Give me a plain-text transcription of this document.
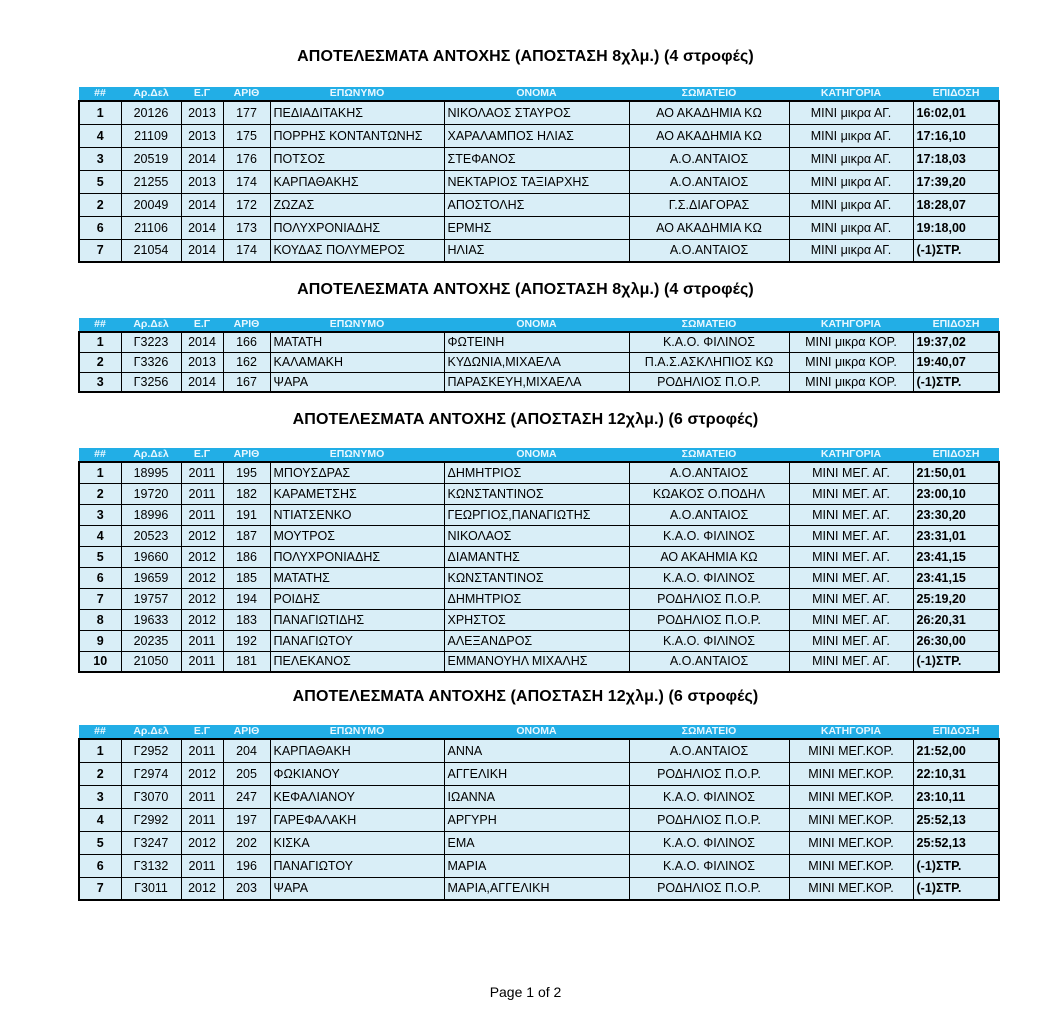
ΑΠΟΤΕΛΕΣΜΑΤΑ ΑΝΤΟΧΗΣ (ΑΠΟΣΤΑΣΗ 8χλμ.) (4 στροφές)
##	Αρ.Δελ	Ε.Γ	ΑΡΙΘ	ΕΠΩΝΥΜΟ	ΟΝΟΜΑ	ΣΩΜΑΤΕΙΟ	ΚΑΤΗΓΟΡΙΑ	ΕΠΙΔΟΣΗ
1	20126	2013	177	ΠΕΔΙΑΔΙΤΑΚΗΣ	ΝΙΚΟΛΑΟΣ ΣΤΑΥΡΟΣ	ΑΟ ΑΚΑΔΗΜΙΑ ΚΩ	ΜΙΝΙ μικρα ΑΓ.	16:02,01
4	21109	2013	175	ΠΟΡΡΗΣ ΚΟΝΤΑΝΤΩΝΗΣ	ΧΑΡΑΛΑΜΠΟΣ ΗΛΙΑΣ	ΑΟ ΑΚΑΔΗΜΙΑ ΚΩ	ΜΙΝΙ μικρα ΑΓ.	17:16,10
3	20519	2014	176	ΠΟΤΣΟΣ	ΣΤΕΦΑΝΟΣ	Α.Ο.ΑΝΤΑΙΟΣ	ΜΙΝΙ μικρα ΑΓ.	17:18,03
5	21255	2013	174	ΚΑΡΠΑΘΑΚΗΣ	ΝΕΚΤΑΡΙΟΣ ΤΑΞΙΑΡΧΗΣ	Α.Ο.ΑΝΤΑΙΟΣ	ΜΙΝΙ μικρα ΑΓ.	17:39,20
2	20049	2014	172	ΖΩΖΑΣ	ΑΠΟΣΤΟΛΗΣ	Γ.Σ.ΔΙΑΓΟΡΑΣ	ΜΙΝΙ μικρα ΑΓ.	18:28,07
6	21106	2014	173	ΠΟΛΥΧΡΟΝΙΑΔΗΣ	ΕΡΜΗΣ	ΑΟ ΑΚΑΔΗΜΙΑ ΚΩ	ΜΙΝΙ μικρα ΑΓ.	19:18,00
7	21054	2014	174	ΚΟΥΔΑΣ ΠΟΛΥΜΕΡΟΣ	ΗΛΙΑΣ	Α.Ο.ΑΝΤΑΙΟΣ	ΜΙΝΙ μικρα ΑΓ.	(-1)ΣΤΡ.
ΑΠΟΤΕΛΕΣΜΑΤΑ ΑΝΤΟΧΗΣ (ΑΠΟΣΤΑΣΗ 8χλμ.) (4 στροφές)
##	Αρ.Δελ	Ε.Γ	ΑΡΙΘ	ΕΠΩΝΥΜΟ	ΟΝΟΜΑ	ΣΩΜΑΤΕΙΟ	ΚΑΤΗΓΟΡΙΑ	ΕΠΙΔΟΣΗ
1	Γ3223	2014	166	ΜΑΤΑΤΗ	ΦΩΤΕΙΝΗ	Κ.Α.Ο. ΦΙΛΙΝΟΣ	ΜΙΝΙ μικρα ΚΟΡ.	19:37,02
2	Γ3326	2013	162	ΚΑΛΑΜΑΚΗ	ΚΥΔΩΝΙΑ,ΜΙΧΑΕΛΑ	Π.Α.Σ.ΑΣΚΛΗΠΙΟΣ ΚΩ	ΜΙΝΙ μικρα ΚΟΡ.	19:40,07
3	Γ3256	2014	167	ΨΑΡΑ	ΠΑΡΑΣΚΕΥΗ,ΜΙΧΑΕΛΑ	ΡΟΔΗΛΙΟΣ Π.Ο.Ρ.	ΜΙΝΙ μικρα ΚΟΡ.	(-1)ΣΤΡ.
ΑΠΟΤΕΛΕΣΜΑΤΑ ΑΝΤΟΧΗΣ (ΑΠΟΣΤΑΣΗ 12χλμ.) (6 στροφές)
##	Αρ.Δελ	Ε.Γ	ΑΡΙΘ	ΕΠΩΝΥΜΟ	ΟΝΟΜΑ	ΣΩΜΑΤΕΙΟ	ΚΑΤΗΓΟΡΙΑ	ΕΠΙΔΟΣΗ
1	18995	2011	195	ΜΠΟΥΣΔΡΑΣ	ΔΗΜΗΤΡΙΟΣ	Α.Ο.ΑΝΤΑΙΟΣ	ΜΙΝΙ ΜΕΓ. ΑΓ.	21:50,01
2	19720	2011	182	ΚΑΡΑΜΕΤΣΗΣ	ΚΩΝΣΤΑΝΤΙΝΟΣ	ΚΩΑΚΟΣ Ο.ΠΟΔΗΛ	ΜΙΝΙ ΜΕΓ. ΑΓ.	23:00,10
3	18996	2011	191	ΝΤΙΑΤΣΕΝΚΟ	ΓΕΩΡΓΙΟΣ,ΠΑΝΑΓΙΩΤΗΣ	Α.Ο.ΑΝΤΑΙΟΣ	ΜΙΝΙ ΜΕΓ. ΑΓ.	23:30,20
4	20523	2012	187	ΜΟΥΤΡΟΣ	ΝΙΚΟΛΑΟΣ	Κ.Α.Ο. ΦΙΛΙΝΟΣ	ΜΙΝΙ ΜΕΓ. ΑΓ.	23:31,01
5	19660	2012	186	ΠΟΛΥΧΡΟΝΙΑΔΗΣ	ΔΙΑΜΑΝΤΗΣ	ΑΟ ΑΚΑΗΜΙΑ ΚΩ	ΜΙΝΙ ΜΕΓ. ΑΓ.	23:41,15
6	19659	2012	185	ΜΑΤΑΤΗΣ	ΚΩΝΣΤΑΝΤΙΝΟΣ	Κ.Α.Ο. ΦΙΛΙΝΟΣ	ΜΙΝΙ ΜΕΓ. ΑΓ.	23:41,15
7	19757	2012	194	ΡΟΙΔΗΣ	ΔΗΜΗΤΡΙΟΣ	ΡΟΔΗΛΙΟΣ Π.Ο.Ρ.	ΜΙΝΙ ΜΕΓ. ΑΓ.	25:19,20
8	19633	2012	183	ΠΑΝΑΓΙΩΤΙΔΗΣ	ΧΡΗΣΤΟΣ	ΡΟΔΗΛΙΟΣ Π.Ο.Ρ.	ΜΙΝΙ ΜΕΓ. ΑΓ.	26:20,31
9	20235	2011	192	ΠΑΝΑΓΙΩΤΟΥ	ΑΛΕΞΑΝΔΡΟΣ	Κ.Α.Ο. ΦΙΛΙΝΟΣ	ΜΙΝΙ ΜΕΓ. ΑΓ.	26:30,00
10	21050	2011	181	ΠΕΛΕΚΑΝΟΣ	ΕΜΜΑΝΟΥΗΛ ΜΙΧΑΛΗΣ	Α.Ο.ΑΝΤΑΙΟΣ	ΜΙΝΙ ΜΕΓ. ΑΓ.	(-1)ΣΤΡ.
ΑΠΟΤΕΛΕΣΜΑΤΑ ΑΝΤΟΧΗΣ (ΑΠΟΣΤΑΣΗ 12χλμ.) (6 στροφές)
##	Αρ.Δελ	Ε.Γ	ΑΡΙΘ	ΕΠΩΝΥΜΟ	ΟΝΟΜΑ	ΣΩΜΑΤΕΙΟ	ΚΑΤΗΓΟΡΙΑ	ΕΠΙΔΟΣΗ
1	Γ2952	2011	204	ΚΑΡΠΑΘΑΚΗ	ΑΝΝΑ	Α.Ο.ΑΝΤΑΙΟΣ	ΜΙΝΙ ΜΕΓ.ΚΟΡ.	21:52,00
2	Γ2974	2012	205	ΦΩΚΙΑΝΟΥ	ΑΓΓΕΛΙΚΗ	ΡΟΔΗΛΙΟΣ Π.Ο.Ρ.	ΜΙΝΙ ΜΕΓ.ΚΟΡ.	22:10,31
3	Γ3070	2011	247	ΚΕΦΑΛΙΑΝΟΥ	ΙΩΑΝΝΑ	Κ.Α.Ο. ΦΙΛΙΝΟΣ	ΜΙΝΙ ΜΕΓ.ΚΟΡ.	23:10,11
4	Γ2992	2011	197	ΓΑΡΕΦΑΛΑΚΗ	ΑΡΓΥΡΗ	ΡΟΔΗΛΙΟΣ Π.Ο.Ρ.	ΜΙΝΙ ΜΕΓ.ΚΟΡ.	25:52,13
5	Γ3247	2012	202	ΚΙΣΚΑ	ΕΜΑ	Κ.Α.Ο. ΦΙΛΙΝΟΣ	ΜΙΝΙ ΜΕΓ.ΚΟΡ.	25:52,13
6	Γ3132	2011	196	ΠΑΝΑΓΙΩΤΟΥ	ΜΑΡΙΑ	Κ.Α.Ο. ΦΙΛΙΝΟΣ	ΜΙΝΙ ΜΕΓ.ΚΟΡ.	(-1)ΣΤΡ.
7	Γ3011	2012	203	ΨΑΡΑ	ΜΑΡΙΑ,ΑΓΓΕΛΙΚΗ	ΡΟΔΗΛΙΟΣ Π.Ο.Ρ.	ΜΙΝΙ ΜΕΓ.ΚΟΡ.	(-1)ΣΤΡ.
Page 1 of 2
